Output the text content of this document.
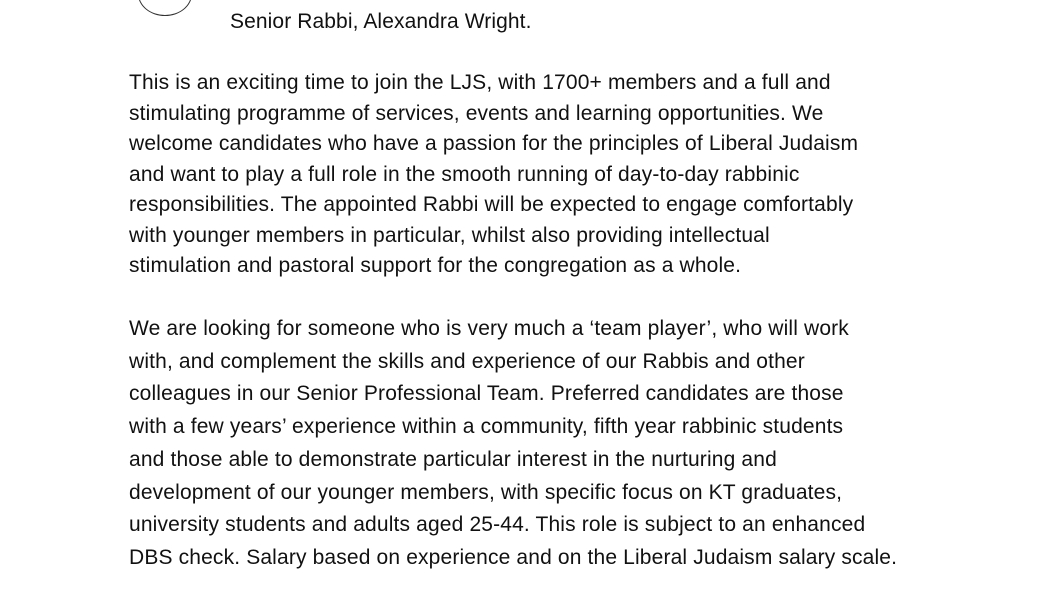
Senior Rabbi, Alexandra Wright.

This is an exciting time to join the LJS, with 1700+ members and a full and
stimulating programme of services, events and learning opportunities. We
welcome candidates who have a passion for the principles of Liberal Judaism
and want to play a full role in the smooth running of day-to-day rabbinic
responsibilities. The appointed Rabbi will be expected to engage comfortably
with younger members in particular, whilst also providing intellectual
stimulation and pastoral support for the congregation as a whole.

We are looking for someone who is very much a ‘team player’, who will work
with, and complement the skills and experience of our Rabbis and other
colleagues in our Senior Professional Team. Preferred candidates are those
with a few years’ experience within a community, fifth year rabbinic students
and those able to demonstrate particular interest in the nurturing and
development of our younger members, with specific focus on KT graduates,
university students and adults aged 25-44. This role is subject to an enhanced
DBS check. Salary based on experience and on the Liberal Judaism salary scale.
